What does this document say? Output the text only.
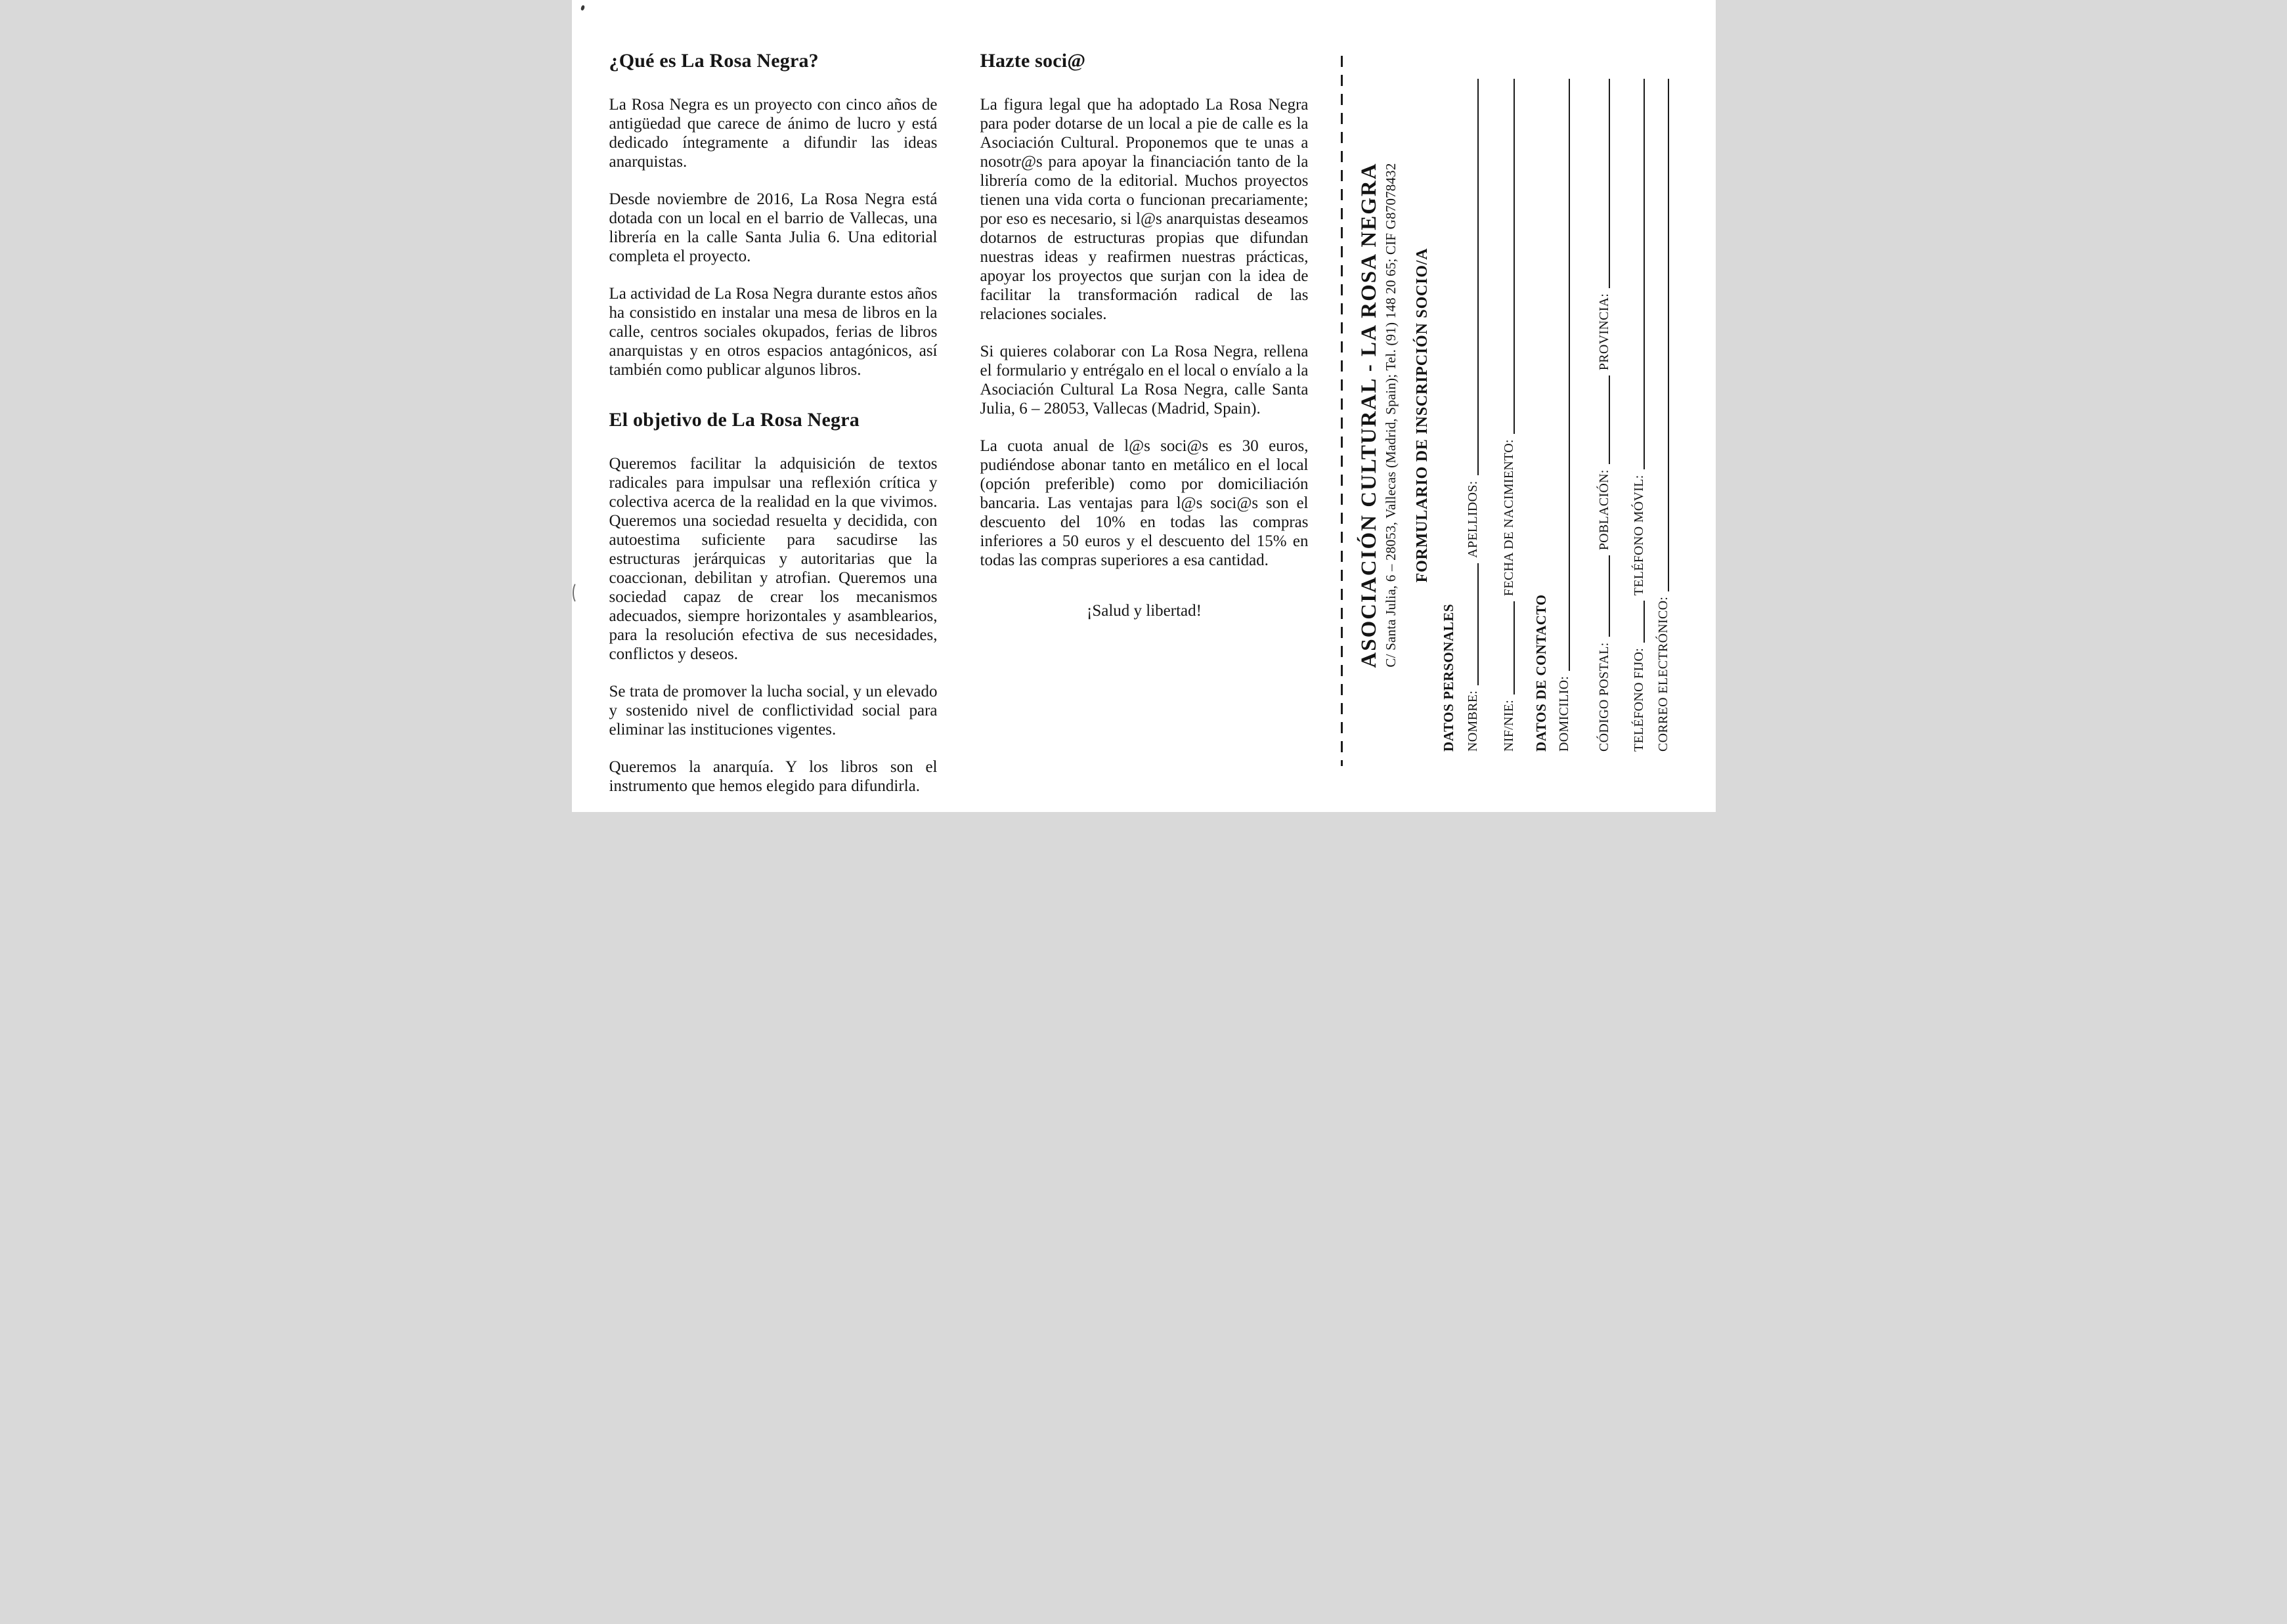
¿Qué es La Rosa Negra?

La Rosa Negra es un proyecto con cinco años de antigüedad que carece de ánimo de lucro y está dedicado íntegramente a difundir las ideas anarquistas.

Desde noviembre de 2016, La Rosa Negra está dotada con un local en el barrio de Vallecas, una librería en la calle Santa Julia 6. Una editorial completa el proyecto.

La actividad de La Rosa Negra durante estos años ha consistido en instalar una mesa de libros en la calle, centros sociales okupados, ferias de libros anarquistas y en otros espacios antagónicos, así también como publicar algunos libros.

El objetivo de La Rosa Negra

Queremos facilitar la adquisición de textos radicales para impulsar una reflexión crítica y colectiva acerca de la realidad en la que vivimos. Queremos una sociedad resuelta y decidida, con autoestima suficiente para sacudirse las estructuras jerárquicas y autoritarias que la coaccionan, debilitan y atrofian. Queremos una sociedad capaz de crear los mecanismos adecuados, siempre horizontales y asamblearios, para la resolución efectiva de sus necesidades, conflictos y deseos.

Se trata de promover la lucha social, y un elevado y sostenido nivel de conflictividad social para eliminar las instituciones vigentes.

Queremos la anarquía. Y los libros son el instrumento que hemos elegido para difundirla.

Hazte soci@

La figura legal que ha adoptado La Rosa Negra para poder dotarse de un local a pie de calle es la Asociación Cultural. Proponemos que te unas a nosotr@s para apoyar la financiación tanto de la librería como de la editorial. Muchos proyectos tienen una vida corta o funcionan precariamente; por eso es necesario, si l@s anarquistas deseamos dotarnos de estructuras propias que difundan nuestras ideas y reafirmen nuestras prácticas, apoyar los proyectos que surjan con la idea de facilitar la transformación radical de las relaciones sociales.

Si quieres colaborar con La Rosa Negra, rellena el formulario y entrégalo en el local o envíalo a la Asociación Cultural La Rosa Negra, calle Santa Julia, 6 – 28053, Vallecas (Madrid, Spain).

La cuota anual de l@s soci@s es 30 euros, pudiéndose abonar tanto en metálico en el local (opción preferible) como por domiciliación bancaria. Las ventajas para l@s soci@s son el descuento del 10% en todas las compras inferiores a 50 euros y el descuento del 15% en todas las compras superiores a esa cantidad.

¡Salud y libertad!	ASOCIACIÓN CULTURAL - LA ROSA NEGRA C/ Santa Julia, 6 – 28053, Vallecas (Madrid, Spain); Tel. (91) 148 20 65; CIF G87078432 FORMULARIO DE INSCRIPCIÓN SOCIO/A
DATOS PERSONALES NOMBRE:
APELLIDOS:
NIF/NIE:
FECHA DE NACIMIENTO:
DATOS DE CONTACTO DOMICILIO: CÓDIGO POSTAL:
POBLACIÓN:
PROVINCIA:
TELÉFONO FIJO:
TELÉFONO MÓVIL:
CORREO ELECTRÓNICO:
